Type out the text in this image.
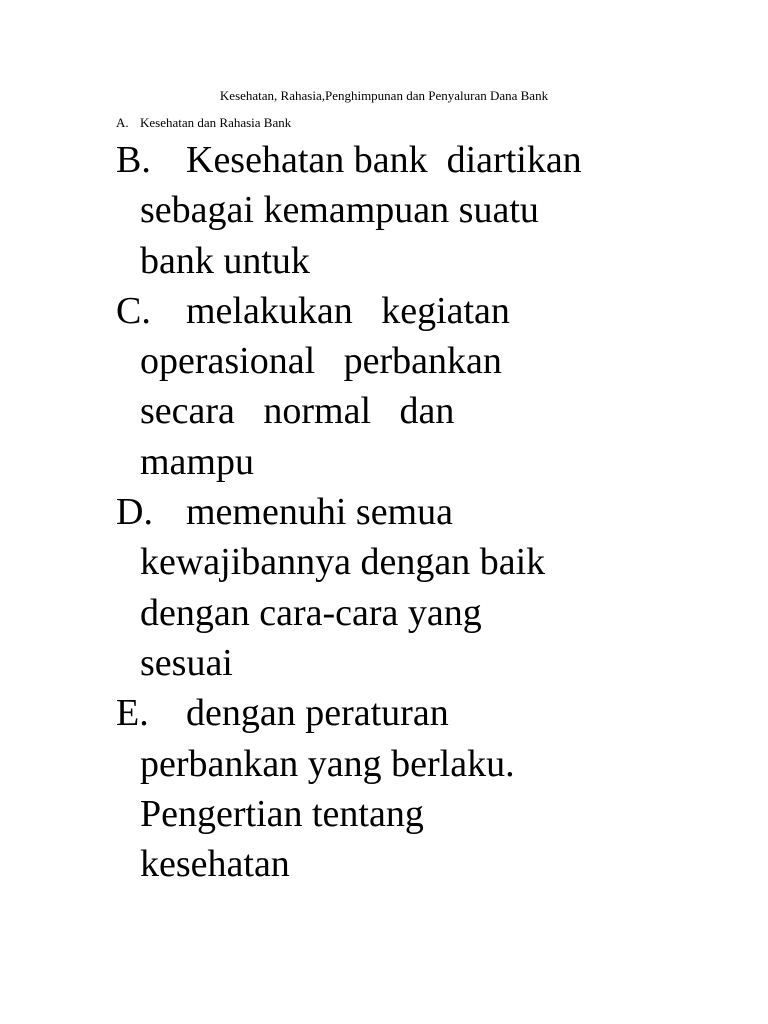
Kesehatan, Rahasia,Penghimpunan dan Penyaluran Dana Bank
A. Kesehatan dan Rahasia Bank
B. Kesehatan bank  diartikan
sebagai kemampuan suatu
bank untuk
C. melakukan   kegiatan
operasional   perbankan
secara   normal   dan
mampu
D. memenuhi semua
kewajibannya dengan baik
dengan cara-cara yang
sesuai
E. dengan peraturan
perbankan yang berlaku.
Pengertian tentang
kesehatan
